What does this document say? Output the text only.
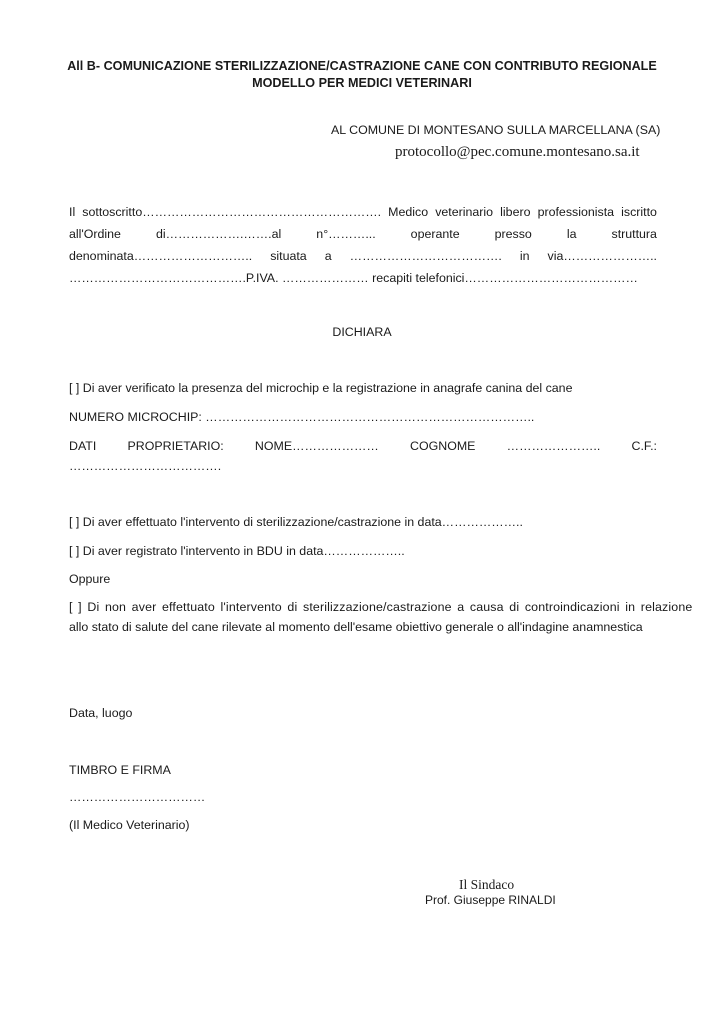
All B- COMUNICAZIONE STERILIZZAZIONE/CASTRAZIONE CANE CON CONTRIBUTO REGIONALE
MODELLO PER MEDICI VETERINARI
AL COMUNE DI MONTESANO SULLA MARCELLANA (SA)
protocollo@pec.comune.montesano.sa.it
Il sottoscritto…………………………………………………. Medico veterinario libero professionista iscritto
all'Ordine	di……………….…….al	n°………...	operante	presso	la	struttura
denominata……………………….. situata a ………………………………. in via…………………..
…………………………………….P.IVA. ………………… recapiti telefonici……………………………………
DICHIARA
[ ] Di aver verificato la presenza del microchip e la registrazione in anagrafe canina del cane
NUMERO MICROCHIP: ……………………………………………………………………..
DATI	PROPRIETARIO:	NOME…………………	COGNOME	…………………..	C.F.:
……………………………….
[ ] Di aver effettuato l'intervento di sterilizzazione/castrazione in data………………..
[ ] Di aver registrato l'intervento in BDU in data………………..
Oppure
[ ] Di non aver effettuato l'intervento di sterilizzazione/castrazione a causa di controindicazioni in relazione
allo stato di salute del cane rilevate al momento dell'esame obiettivo generale o all'indagine anamnestica
Data, luogo
TIMBRO E FIRMA
……………………………
(Il Medico Veterinario)
Il Sindaco
Prof. Giuseppe RINALDI
